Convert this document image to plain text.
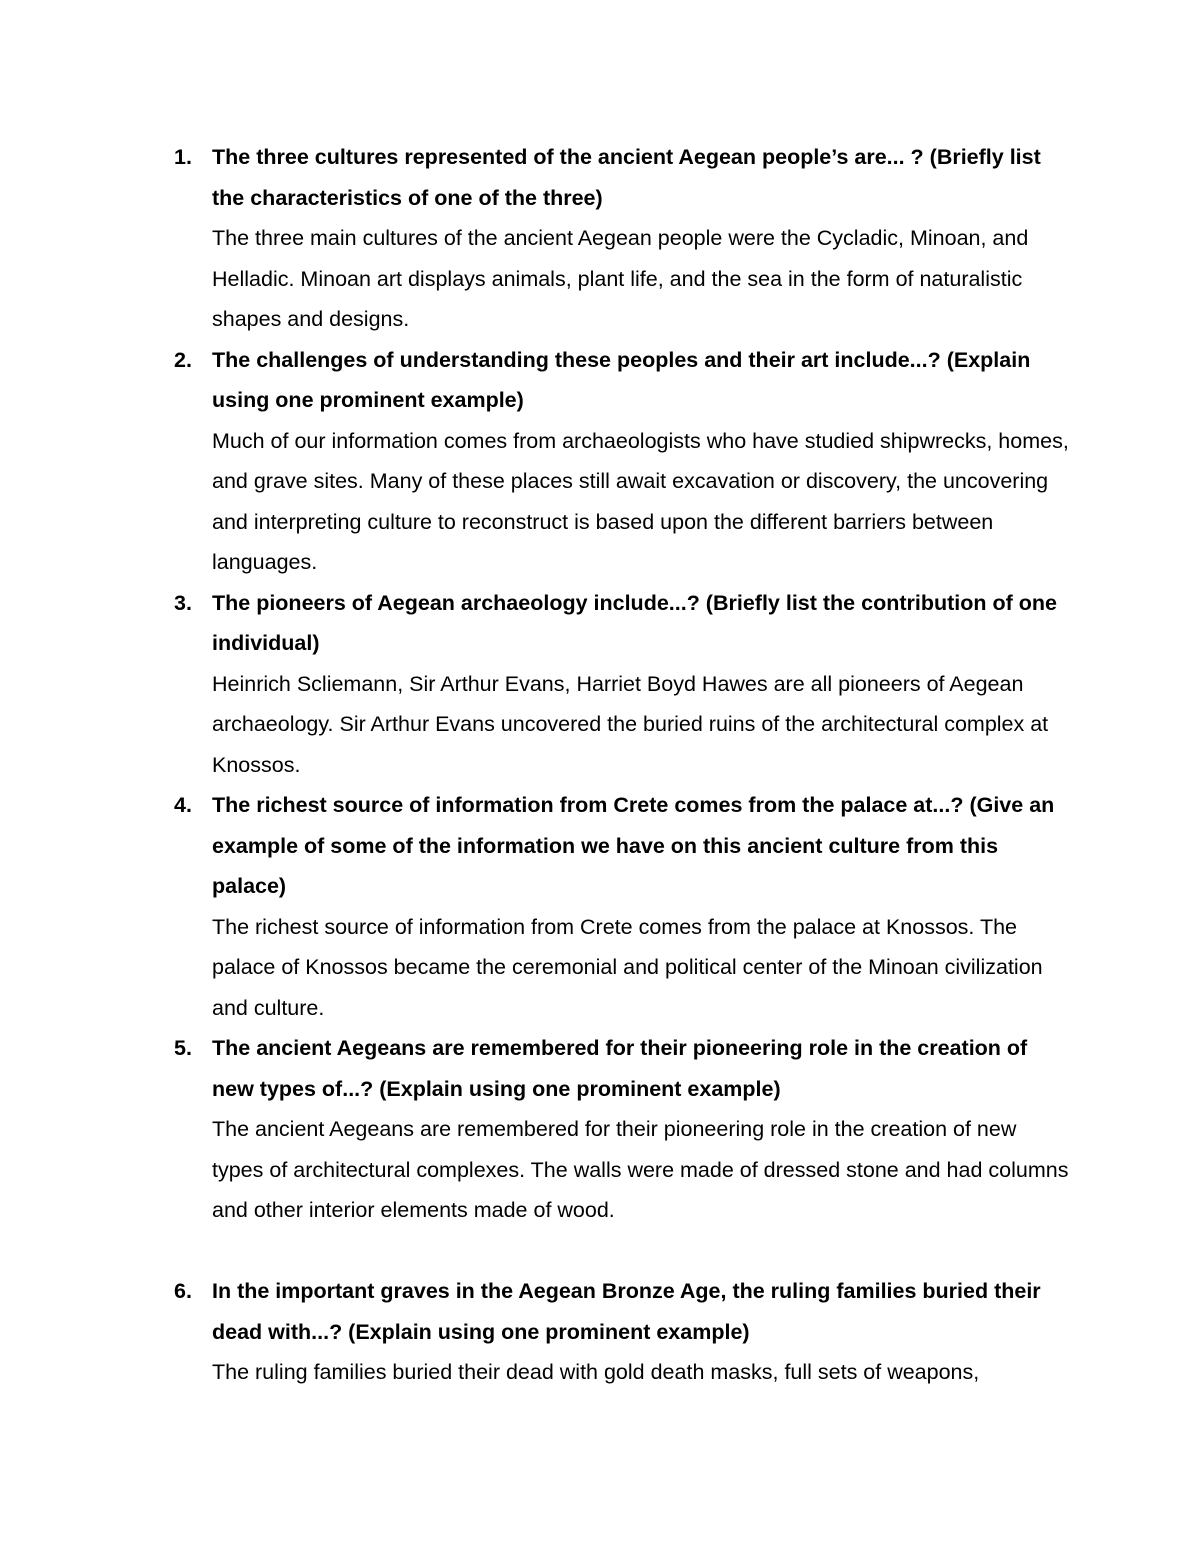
1. The three cultures represented of the ancient Aegean people’s are... ? (Briefly list the characteristics of one of the three)

The three main cultures of the ancient Aegean people were the Cycladic, Minoan, and Helladic. Minoan art displays animals, plant life, and the sea in the form of naturalistic shapes and designs.

2. The challenges of understanding these peoples and their art include...? (Explain using one prominent example)

Much of our information comes from archaeologists who have studied shipwrecks, homes, and grave sites. Many of these places still await excavation or discovery, the uncovering and interpreting culture to reconstruct is based upon the different barriers between languages.

3. The pioneers of Aegean archaeology include...? (Briefly list the contribution of one individual)

Heinrich Scliemann, Sir Arthur Evans, Harriet Boyd Hawes are all pioneers of Aegean archaeology. Sir Arthur Evans uncovered the buried ruins of the architectural complex at Knossos.

4. The richest source of information from Crete comes from the palace at...? (Give an example of some of the information we have on this ancient culture from this palace)

The richest source of information from Crete comes from the palace at Knossos. The palace of Knossos became the ceremonial and political center of the Minoan civilization and culture.

5. The ancient Aegeans are remembered for their pioneering role in the creation of new types of...? (Explain using one prominent example)

The ancient Aegeans are remembered for their pioneering role in the creation of new types of architectural complexes. The walls were made of dressed stone and had columns and other interior elements made of wood.

6. In the important graves in the Aegean Bronze Age, the ruling families buried their dead with...? (Explain using one prominent example)

The ruling families buried their dead with gold death masks, full sets of weapons,
